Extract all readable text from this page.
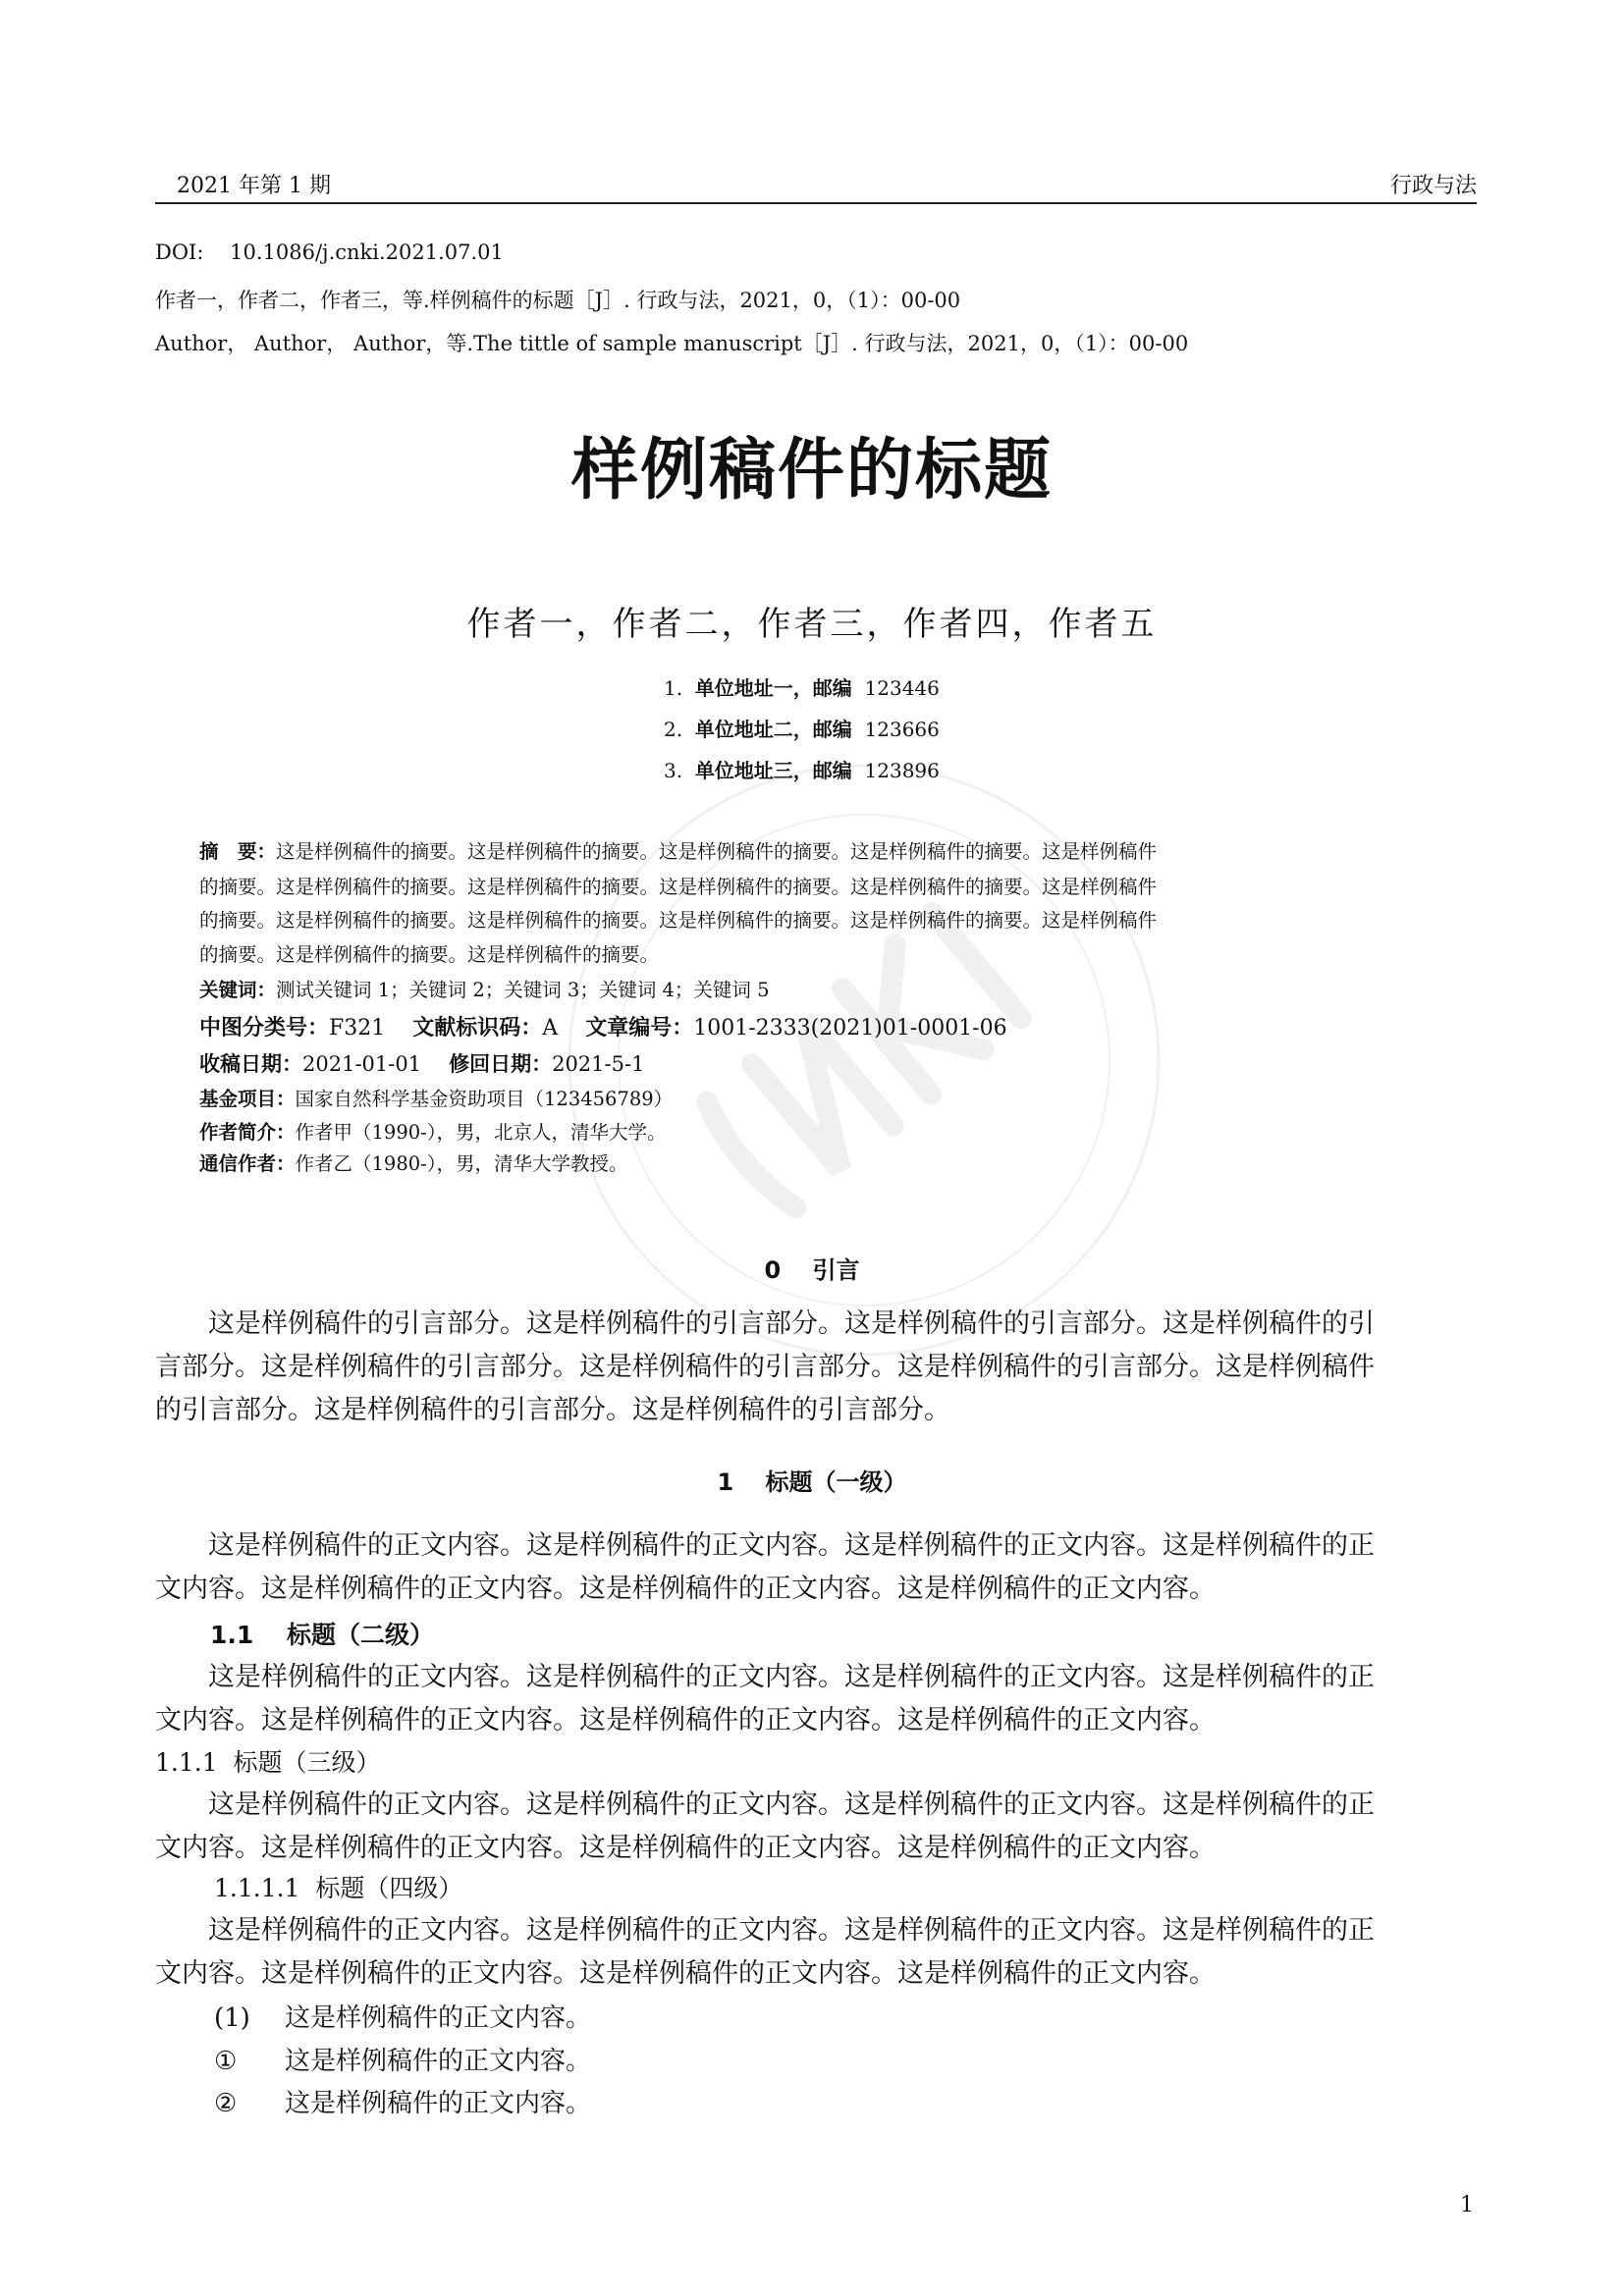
2021 年第 1 期	行政与法
DOI: 10.1086/j.cnki.2021.07.01
作者一，作者二，作者三，等.样例稿件的标题［J］. 行政与法，2021，0，（1）：00-00
Author， Author， Author，等.The tittle of sample manuscript［J］. 行政与法，2021，0，（1）：00-00
样例稿件的标题
作者一，作者二，作者三，作者四，作者五
1. 单位地址一，邮编 123446
2. 单位地址二，邮编 123666
3. 单位地址三，邮编 123896
摘　要：这是样例稿件的摘要。这是样例稿件的摘要。这是样例稿件的摘要。这是样例稿件的摘要。这是样例稿件
的摘要。这是样例稿件的摘要。这是样例稿件的摘要。这是样例稿件的摘要。这是样例稿件的摘要。这是样例稿件
的摘要。这是样例稿件的摘要。这是样例稿件的摘要。这是样例稿件的摘要。这是样例稿件的摘要。这是样例稿件
的摘要。这是样例稿件的摘要。这是样例稿件的摘要。
关键词：测试关键词 1；关键词 2；关键词 3；关键词 4；关键词 5
中图分类号：F321 文献标识码：A 文章编号：1001-2333(2021)01-0001-06
收稿日期：2021-01-01 修回日期：2021-5-1
基金项目：国家自然科学基金资助项目（123456789）
作者简介：作者甲（1990-），男，北京人，清华大学。
通信作者：作者乙（1980-），男，清华大学教授。
0　 引言
　　这是样例稿件的引言部分。这是样例稿件的引言部分。这是样例稿件的引言部分。这是样例稿件的引
言部分。这是样例稿件的引言部分。这是样例稿件的引言部分。这是样例稿件的引言部分。这是样例稿件
的引言部分。这是样例稿件的引言部分。这是样例稿件的引言部分。
1　 标题（一级）
　　这是样例稿件的正文内容。这是样例稿件的正文内容。这是样例稿件的正文内容。这是样例稿件的正
文内容。这是样例稿件的正文内容。这是样例稿件的正文内容。这是样例稿件的正文内容。
1.1　 标题（二级）
　　这是样例稿件的正文内容。这是样例稿件的正文内容。这是样例稿件的正文内容。这是样例稿件的正
文内容。这是样例稿件的正文内容。这是样例稿件的正文内容。这是样例稿件的正文内容。
1.1.1  标题（三级）
　　这是样例稿件的正文内容。这是样例稿件的正文内容。这是样例稿件的正文内容。这是样例稿件的正
文内容。这是样例稿件的正文内容。这是样例稿件的正文内容。这是样例稿件的正文内容。
1.1.1.1  标题（四级）
　　这是样例稿件的正文内容。这是样例稿件的正文内容。这是样例稿件的正文内容。这是样例稿件的正
文内容。这是样例稿件的正文内容。这是样例稿件的正文内容。这是样例稿件的正文内容。
(1) 这是样例稿件的正文内容。
① 这是样例稿件的正文内容。
② 这是样例稿件的正文内容。
1
